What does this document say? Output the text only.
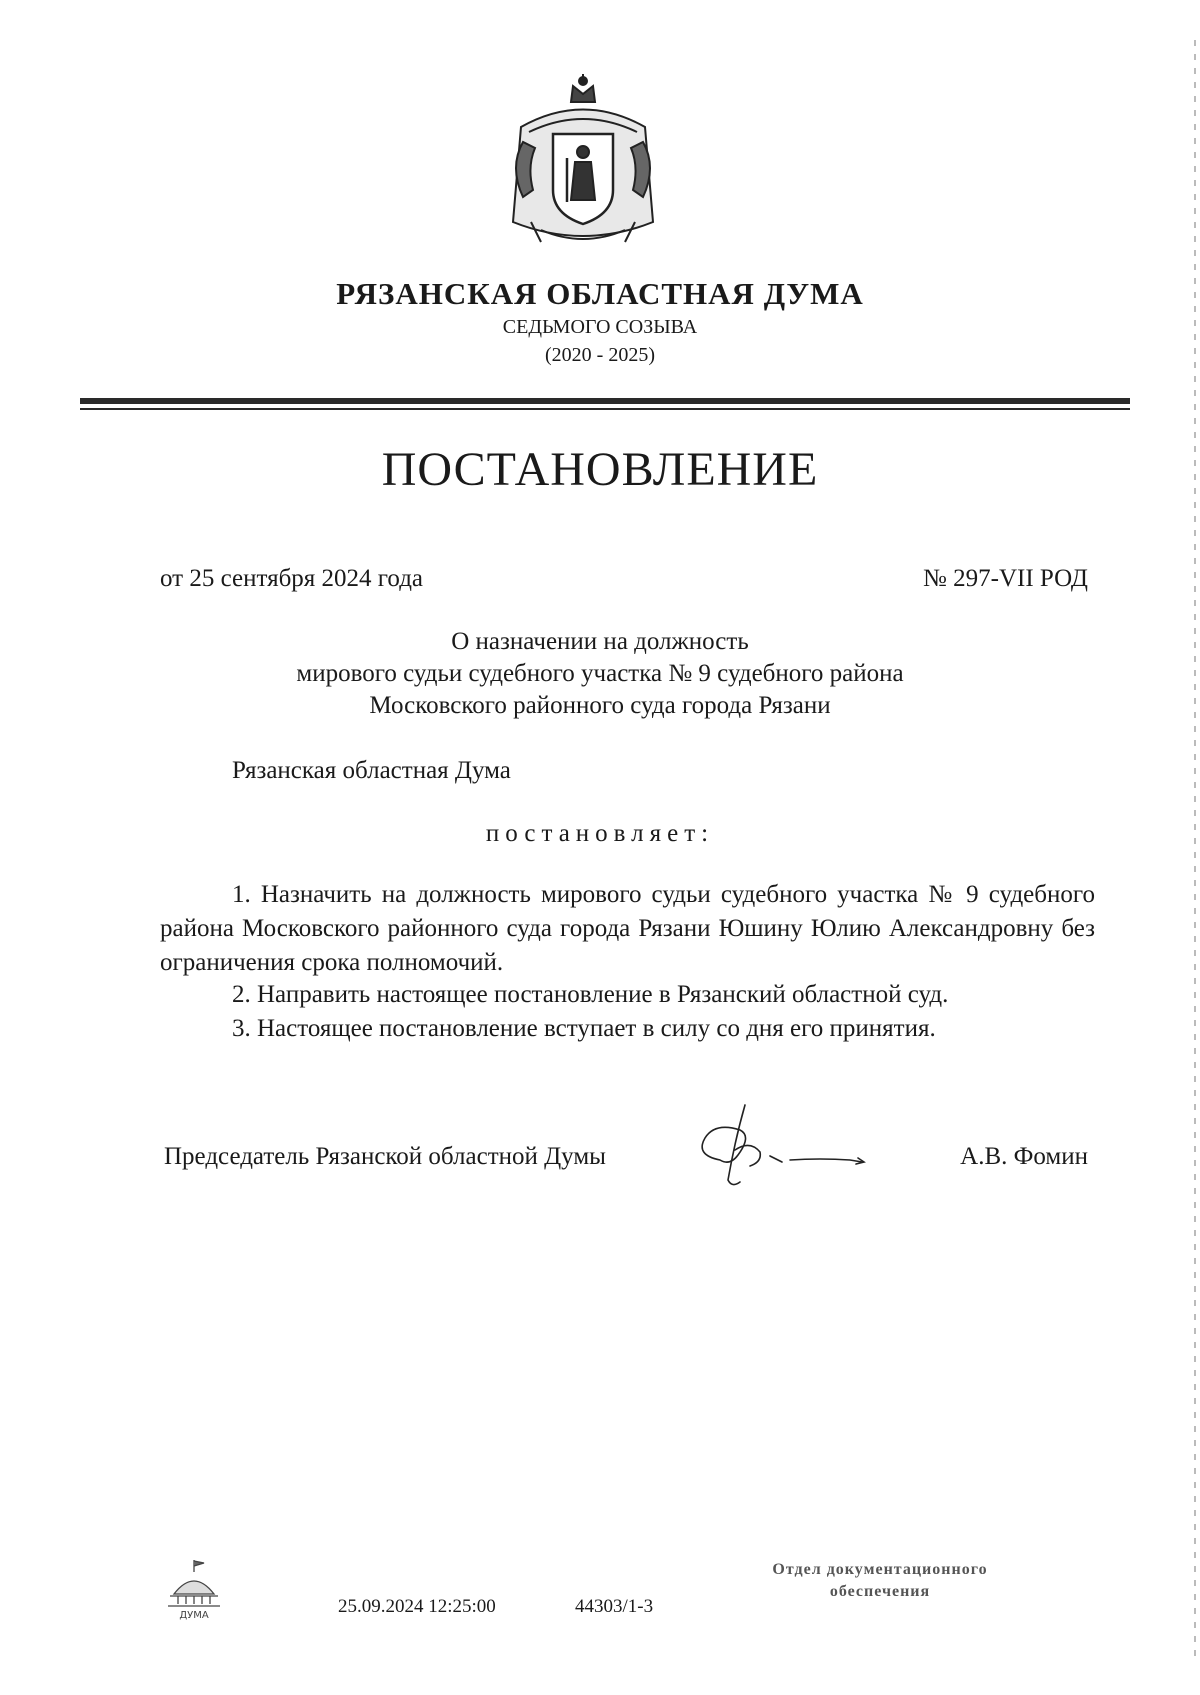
РЯЗАНСКАЯ ОБЛАСТНАЯ ДУМА
СЕДЬМОГО СОЗЫВА
(2020 - 2025)
ПОСТАНОВЛЕНИЕ
от 25 сентября 2024 года	№ 297-VII РОД
О назначении на должность
мирового судьи судебного участка № 9 судебного района
Московского районного суда города Рязани
Рязанская областная Дума
постановляет:
1. Назначить на должность мирового судьи судебного участка № 9 судебного района Московского районного суда города Рязани Юшину Юлию Александровну без ограничения срока полномочий.
2. Направить настоящее постановление в Рязанский областной суд.
3. Настоящее постановление вступает в силу со дня его принятия.
Председатель Рязанской областной Думы	А.В. Фомин
ДУМА	25.09.2024 12:25:00	44303/1-3
Отдел документационного
обеспечения
